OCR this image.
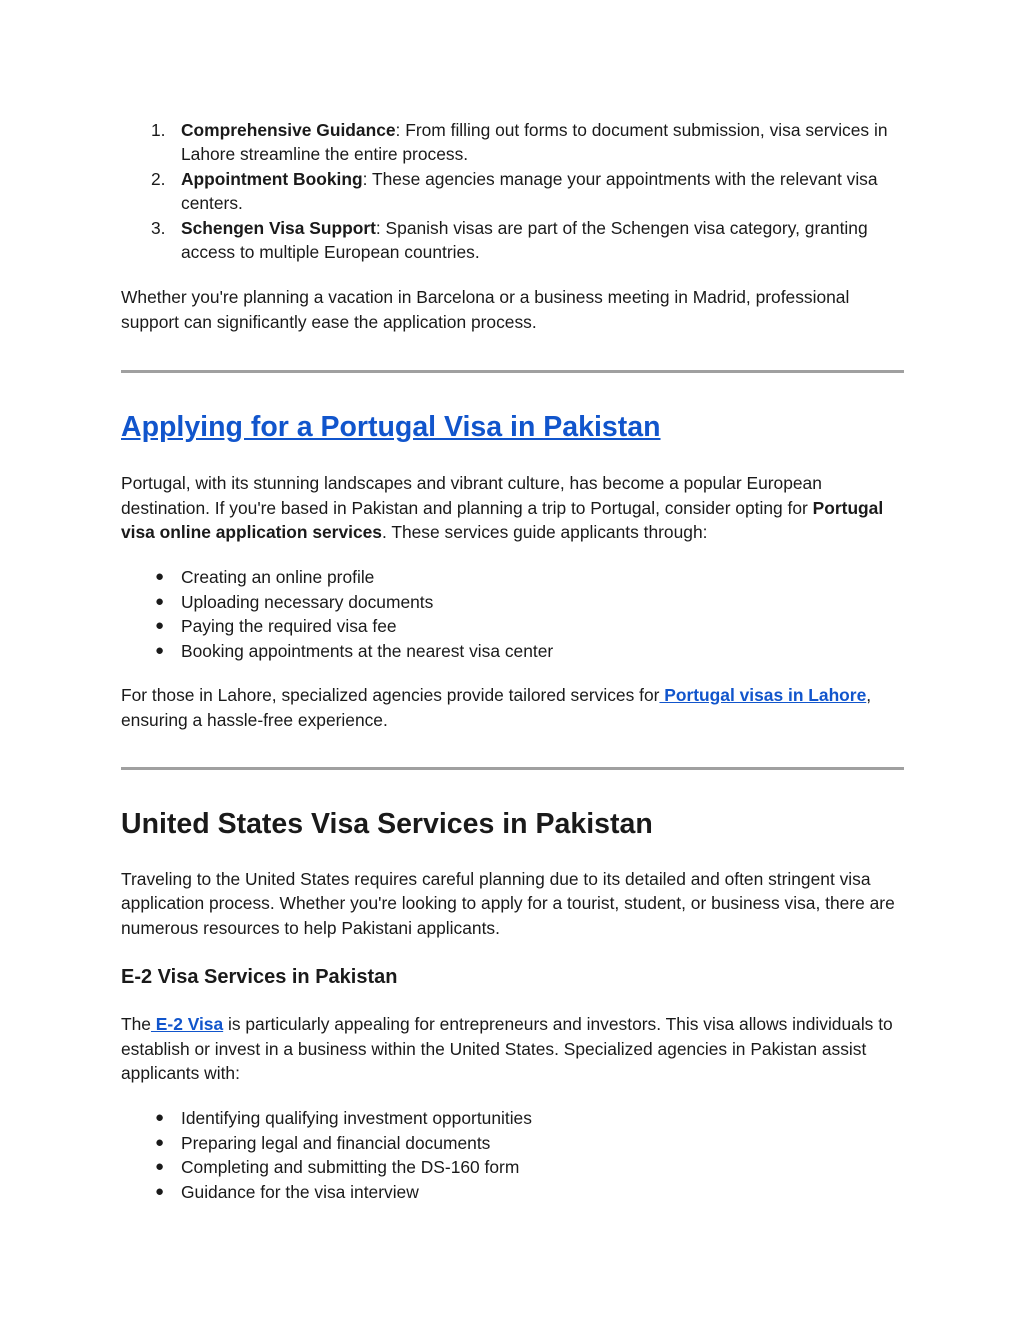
1. Comprehensive Guidance: From filling out forms to document submission, visa services in Lahore streamline the entire process.
2. Appointment Booking: These agencies manage your appointments with the relevant visa centers.
3. Schengen Visa Support: Spanish visas are part of the Schengen visa category, granting access to multiple European countries.

Whether you're planning a vacation in Barcelona or a business meeting in Madrid, professional support can significantly ease the application process.

Applying for a Portugal Visa in Pakistan

Portugal, with its stunning landscapes and vibrant culture, has become a popular European destination. If you're based in Pakistan and planning a trip to Portugal, consider opting for Portugal visa online application services. These services guide applicants through:

● Creating an online profile
● Uploading necessary documents
● Paying the required visa fee
● Booking appointments at the nearest visa center

For those in Lahore, specialized agencies provide tailored services for Portugal visas in Lahore, ensuring a hassle-free experience.

United States Visa Services in Pakistan

Traveling to the United States requires careful planning due to its detailed and often stringent visa application process. Whether you're looking to apply for a tourist, student, or business visa, there are numerous resources to help Pakistani applicants.

E-2 Visa Services in Pakistan

The E-2 Visa is particularly appealing for entrepreneurs and investors. This visa allows individuals to establish or invest in a business within the United States. Specialized agencies in Pakistan assist applicants with:

● Identifying qualifying investment opportunities
● Preparing legal and financial documents
● Completing and submitting the DS-160 form
● Guidance for the visa interview
